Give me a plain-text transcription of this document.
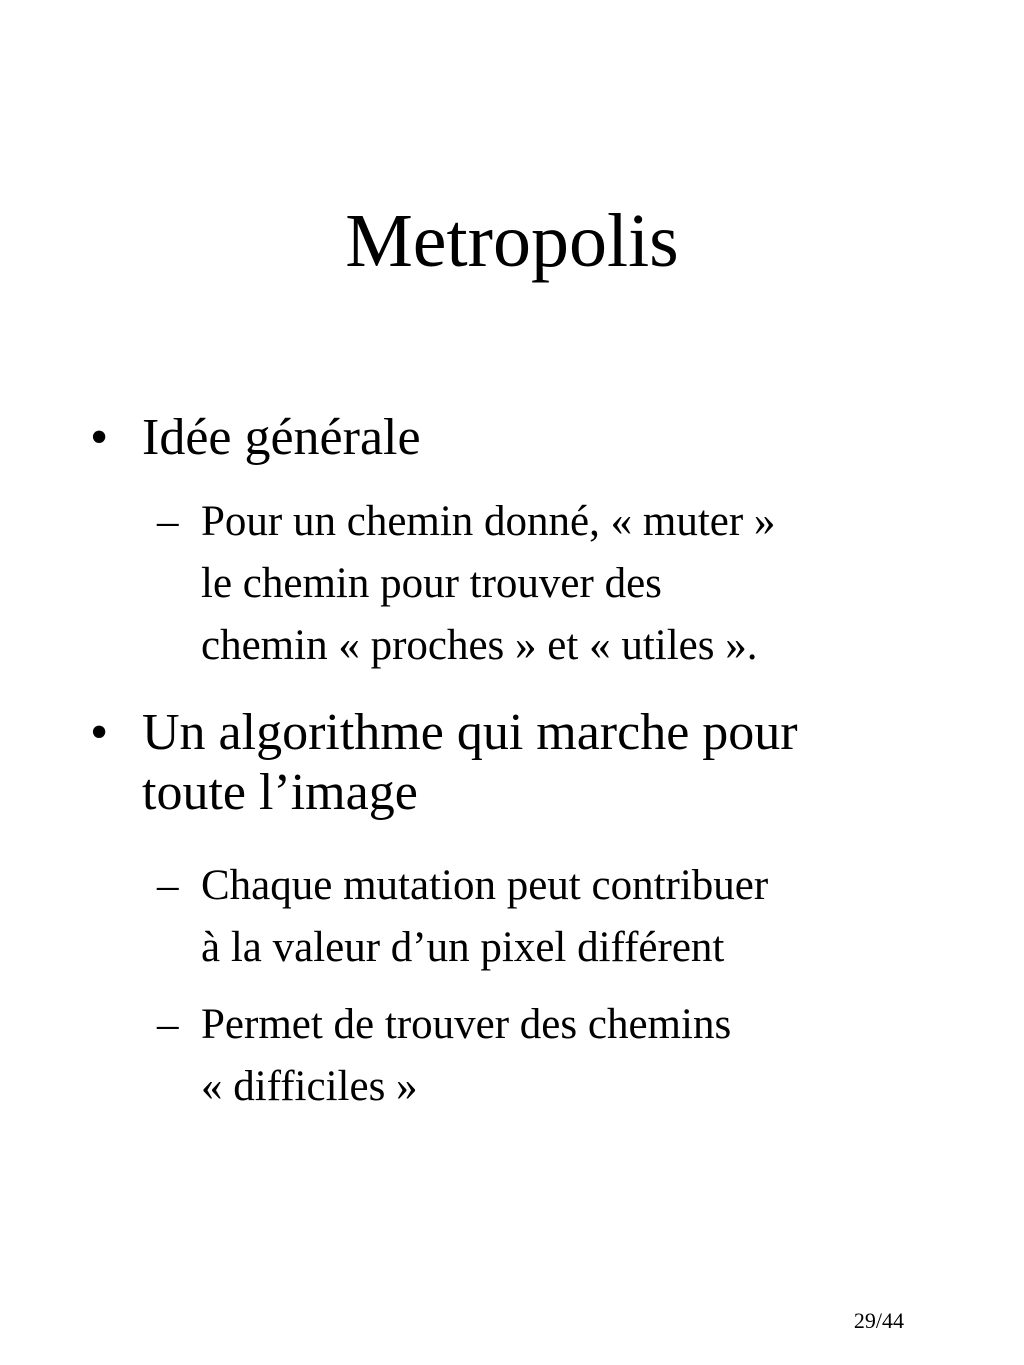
Metropolis
• Idée générale
– Pour un chemin donné, « muter »
le chemin pour trouver des
chemin « proches » et « utiles ».
• Un algorithme qui marche pour
toute l’image
– Chaque mutation peut contribuer
à la valeur d’un pixel différent
– Permet de trouver des chemins
« difficiles »
29/44
